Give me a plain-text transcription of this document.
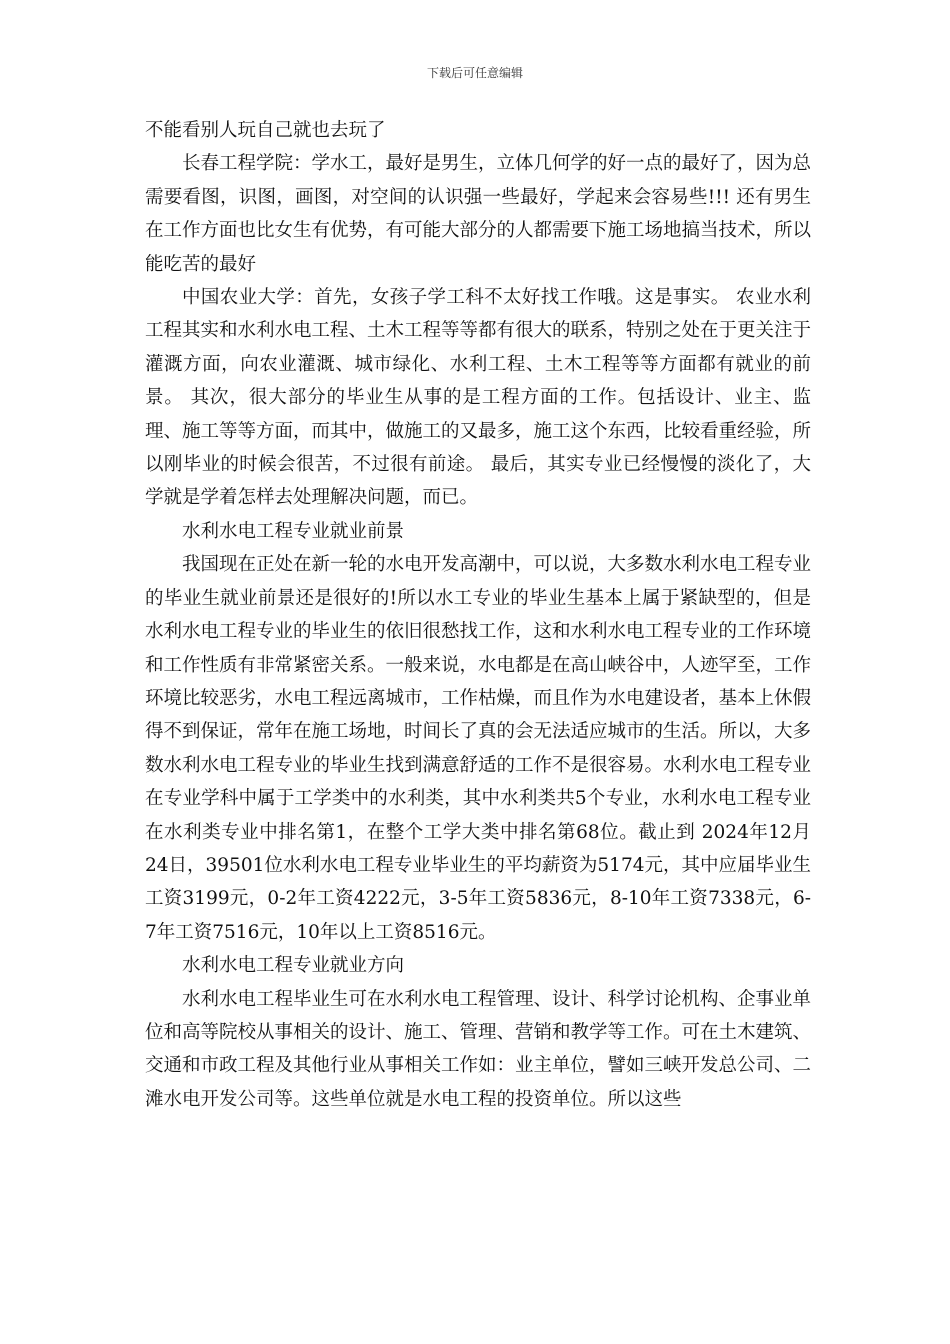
下载后可任意编辑

不能看别人玩自己就也去玩了

长春工程学院：学水工，最好是男生，立体几何学的好一点的最好了，因为总需要看图，识图，画图，对空间的认识强一些最好，学起来会容易些!!! 还有男生在工作方面也比女生有优势，有可能大部分的人都需要下施工场地搞当技术，所以能吃苦的最好

中国农业大学：首先，女孩子学工科不太好找工作哦。这是事实。 农业水利工程其实和水利水电工程、土木工程等等都有很大的联系，特别之处在于更关注于灌溉方面，向农业灌溉、城市绿化、水利工程、土木工程等等方面都有就业的前景。 其次，很大部分的毕业生从事的是工程方面的工作。包括设计、业主、监理、施工等等方面，而其中，做施工的又最多，施工这个东西，比较看重经验，所以刚毕业的时候会很苦，不过很有前途。 最后，其实专业已经慢慢的淡化了，大学就是学着怎样去处理解决问题，而已。

水利水电工程专业就业前景

我国现在正处在新一轮的水电开发高潮中，可以说，大多数水利水电工程专业的毕业生就业前景还是很好的!所以水工专业的毕业生基本上属于紧缺型的，但是水利水电工程专业的毕业生的依旧很愁找工作，这和水利水电工程专业的工作环境和工作性质有非常紧密关系。一般来说，水电都是在高山峡谷中，人迹罕至，工作环境比较恶劣，水电工程远离城市，工作枯燥，而且作为水电建设者，基本上休假得不到保证，常年在施工场地，时间长了真的会无法适应城市的生活。所以，大多数水利水电工程专业的毕业生找到满意舒适的工作不是很容易。水利水电工程专业在专业学科中属于工学类中的水利类，其中水利类共5个专业，水利水电工程专业在水利类专业中排名第1，在整个工学大类中排名第68位。截止到 2024年12月24日，39501位水利水电工程专业毕业生的平均薪资为5174元，其中应届毕业生工资3199元，0-2年工资4222元，3-5年工资5836元，8-10年工资7338元，6-7年工资7516元，10年以上工资8516元。

水利水电工程专业就业方向

水利水电工程毕业生可在水利水电工程管理、设计、科学讨论机构、企事业单位和高等院校从事相关的设计、施工、管理、营销和教学等工作。可在土木建筑、交通和市政工程及其他行业从事相关工作如：业主单位，譬如三峡开发总公司、二滩水电开发公司等。这些单位就是水电工程的投资单位。所以这些
